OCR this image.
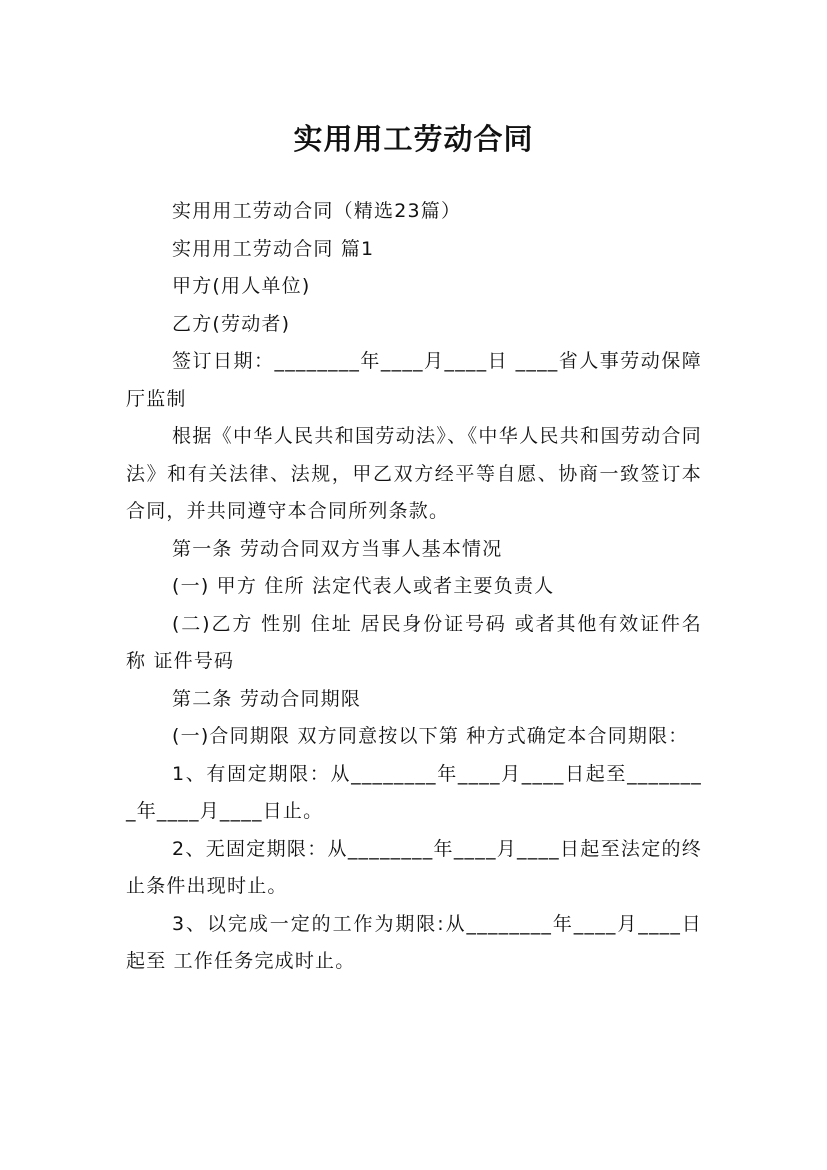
实用用工劳动合同

实用用工劳动合同（精选23篇）

实用用工劳动合同 篇1

甲方(用人单位)

乙方(劳动者)

签订日期：________年____月____日 ____省人事劳动保障厅监制

根据《中华人民共和国劳动法》、《中华人民共和国劳动合同法》和有关法律、法规，甲乙双方经平等自愿、协商一致签订本合同，并共同遵守本合同所列条款。

第一条 劳动合同双方当事人基本情况

(一) 甲方 住所 法定代表人或者主要负责人

(二)乙方 性别 住址 居民身份证号码 或者其他有效证件名称 证件号码

第二条 劳动合同期限

(一)合同期限 双方同意按以下第 种方式确定本合同期限：

1、有固定期限：从________年____月____日起至________年____月____日止。

2、无固定期限：从________年____月____日起至法定的终止条件出现时止。

3、以完成一定的工作为期限:从________年____月____日起至 工作任务完成时止。
